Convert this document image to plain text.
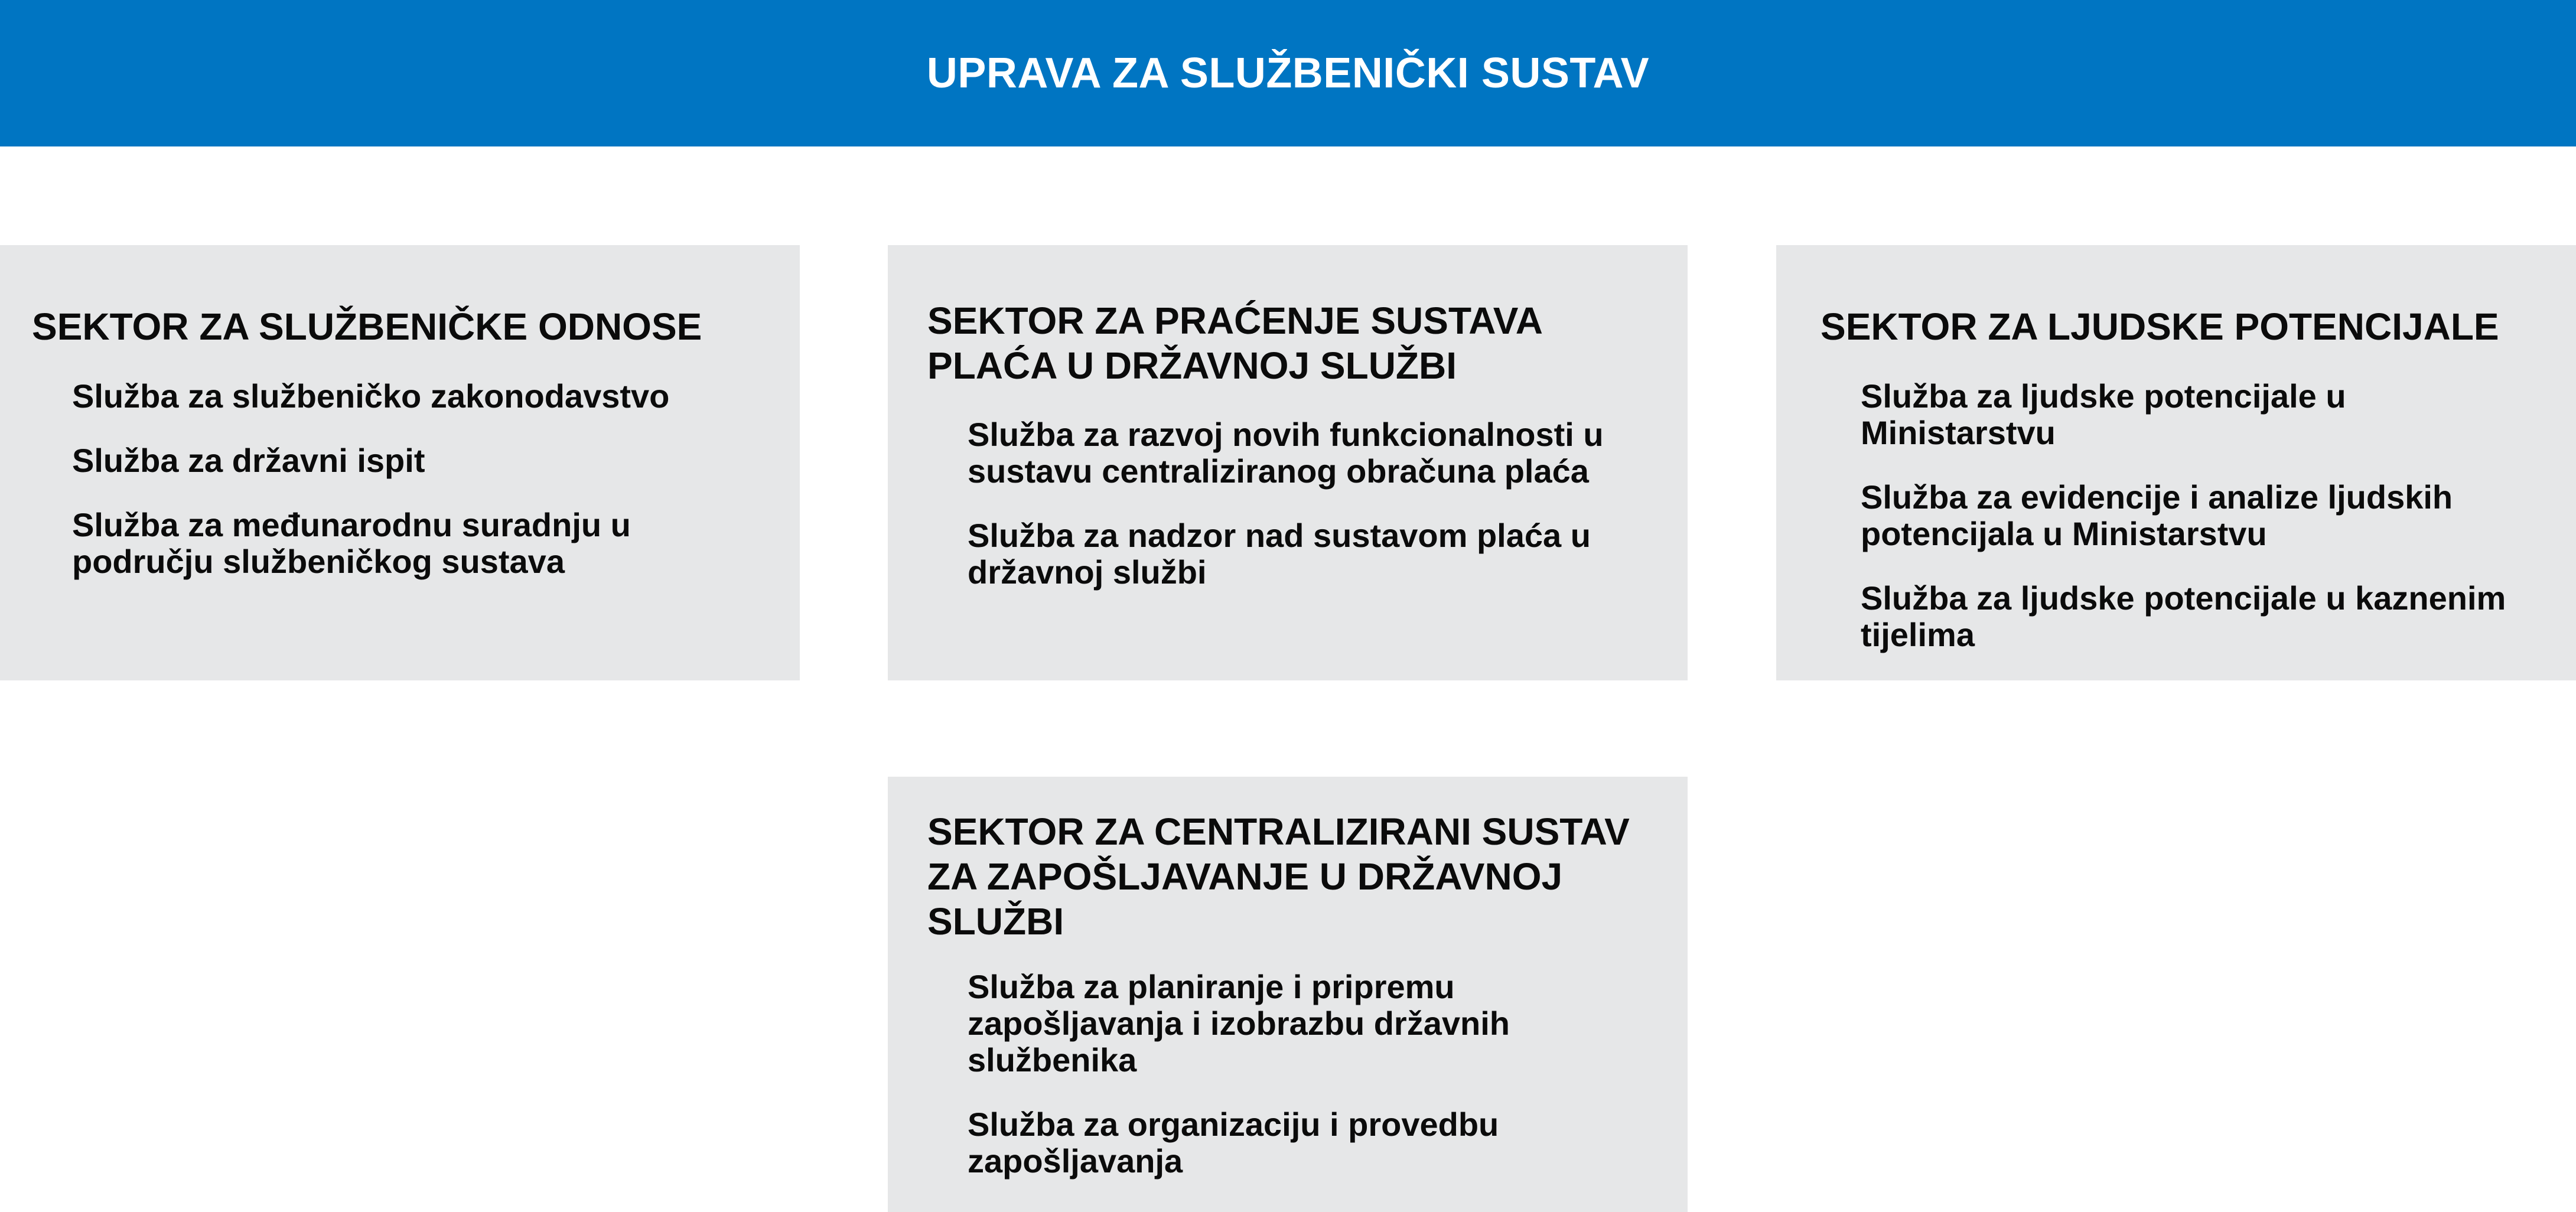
UPRAVA ZA SLUŽBENIČKI SUSTAV
SEKTOR ZA SLUŽBENIČKE ODNOSE
Služba za službeničko zakonodavstvo
Služba za državni ispit
Služba za međunarodnu suradnju u
području službeničkog sustava
SEKTOR ZA PRAĆENJE SUSTAVA
PLAĆA U DRŽAVNOJ SLUŽBI
Služba za razvoj novih funkcionalnosti u
sustavu centraliziranog obračuna plaća
Služba za nadzor nad sustavom plaća u
državnoj službi
SEKTOR ZA LJUDSKE POTENCIJALE
Služba za ljudske potencijale u
Ministarstvu
Služba za evidencije i analize ljudskih
potencijala u Ministarstvu
Služba za ljudske potencijale u kaznenim
tijelima
SEKTOR ZA CENTRALIZIRANI SUSTAV
ZA ZAPOŠLJAVANJE U DRŽAVNOJ
SLUŽBI
Služba za planiranje i pripremu
zapošljavanja i izobrazbu državnih
službenika
Služba za organizaciju i provedbu
zapošljavanja
